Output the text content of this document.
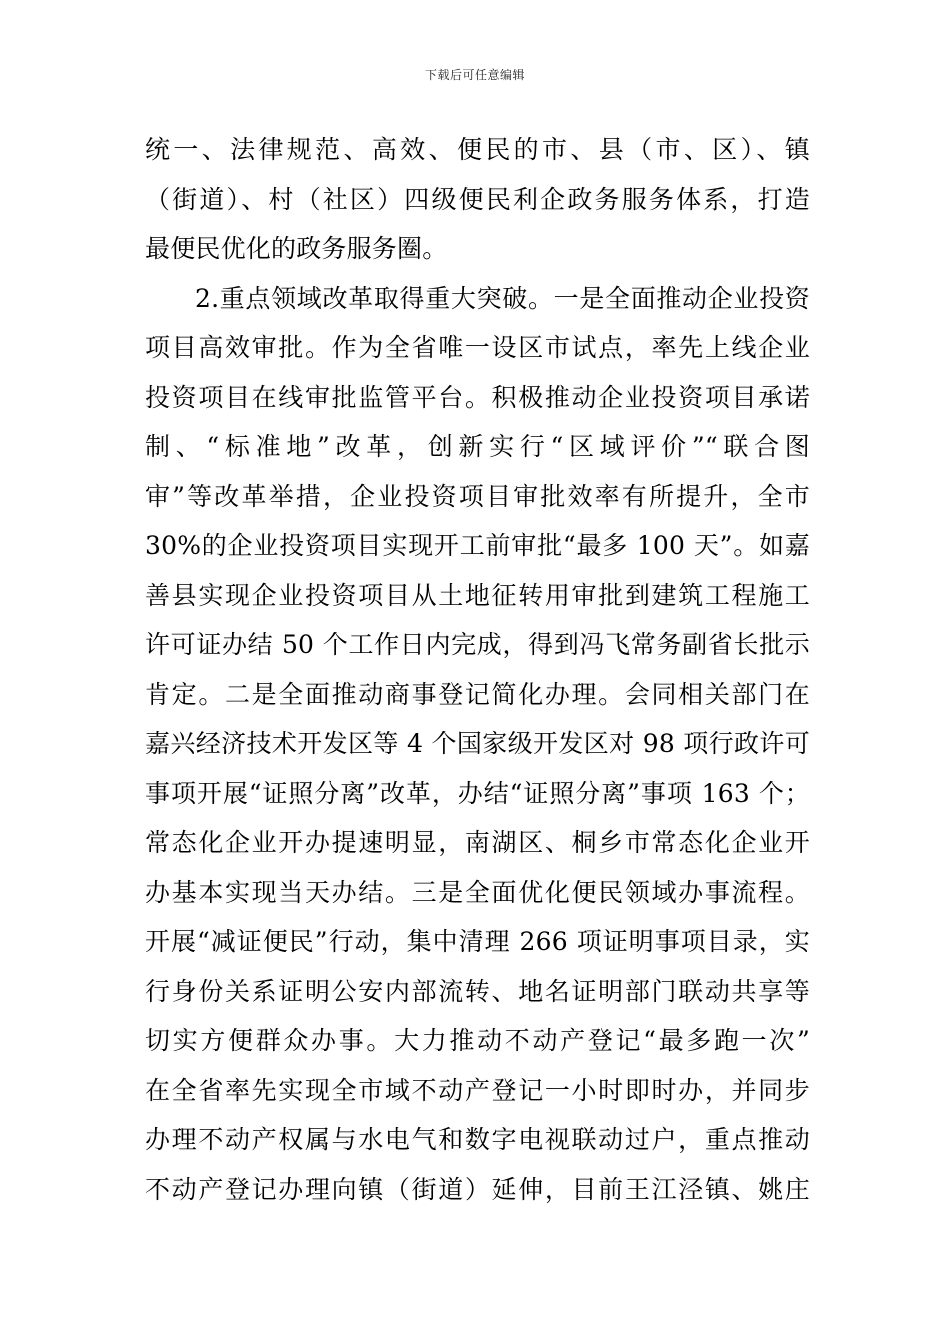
下载后可任意编辑
统一、法律规范、高效、便民的市、县（市、区）、镇
（街道）、村（社区）四级便民利企政务服务体系，打造
最便民优化的政务服务圈。
2.重点领域改革取得重大突破。一是全面推动企业投资
项目高效审批。作为全省唯一设区市试点，率先上线企业
投资项目在线审批监管平台。积极推动企业投资项目承诺
制、“标准地”改革，创新实行“区域评价”“联合图
审”等改革举措，企业投资项目审批效率有所提升，全市
30%的企业投资项目实现开工前审批“最多 100 天”。如嘉
善县实现企业投资项目从土地征转用审批到建筑工程施工
许可证办结 50 个工作日内完成，得到冯飞常务副省长批示
肯定。二是全面推动商事登记简化办理。会同相关部门在
嘉兴经济技术开发区等 4 个国家级开发区对 98 项行政许可
事项开展“证照分离”改革，办结“证照分离”事项 163 个；
常态化企业开办提速明显，南湖区、桐乡市常态化企业开
办基本实现当天办结。三是全面优化便民领域办事流程。
开展“减证便民”行动，集中清理 266 项证明事项目录，实
行身份关系证明公安内部流转、地名证明部门联动共享等
切实方便群众办事。大力推动不动产登记“最多跑一次”
在全省率先实现全市域不动产登记一小时即时办，并同步
办理不动产权属与水电气和数字电视联动过户，重点推动
不动产登记办理向镇（街道）延伸，目前王江泾镇、姚庄
